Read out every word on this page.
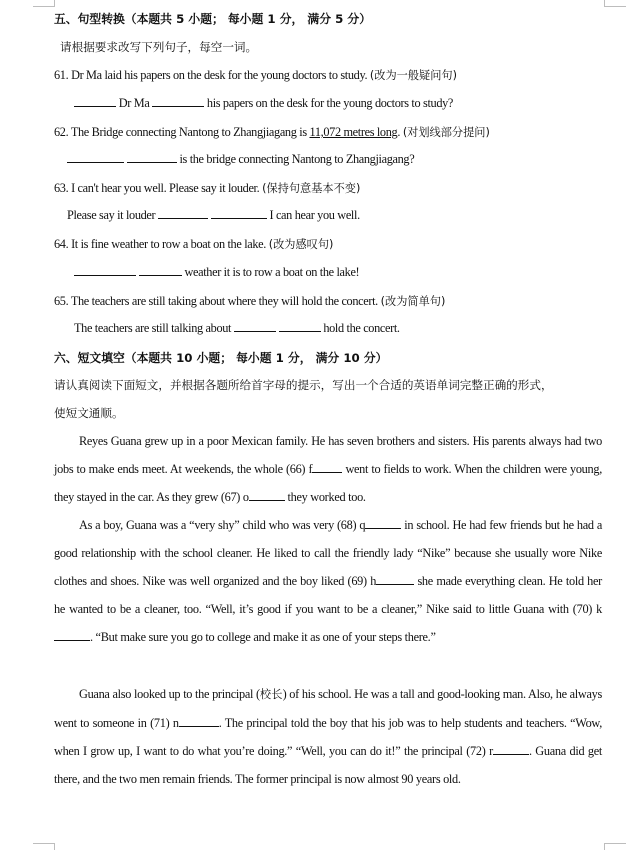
五、句型转换（本题共 5 小题； 每小题 1 分， 满分 5 分）
请根据要求改写下列句子，每空一词。
61. Dr Ma laid his papers on the desk for the young doctors to study. (改为一般疑问句)
Dr Ma	his papers on the desk for the young doctors to study?
62. The Bridge connecting Nantong to Zhangjiagang is 11,072 metres long. (对划线部分提问)
is the bridge connecting Nantong to Zhangjiagang?
63. I can't hear you well. Please say it louder. (保持句意基本不变)
Please say it louder	I can hear you well.
64. It is fine weather to row a boat on the lake. (改为感叹句)
weather it is to row a boat on the lake!
65. The teachers are still taking about where they will hold the concert. (改为简单句)
The teachers are still talking about	hold the concert.
六、短文填空（本题共 10 小题； 每小题 1 分， 满分 10 分）
请认真阅读下面短文，并根据各题所给首字母的提示，写出一个合适的英语单词完整正确的形式，
使短文通顺。
Reyes Guana grew up in a poor Mexican family. He has seven brothers and sisters. His parents always had two jobs to make ends meet. At weekends, the whole (66) f went to fields to work. When the children were young, they stayed in the car. As they grew (67) o	they worked too.
As a boy, Guana was a “very shy” child who was very (68) q	in school. He had few friends but he had a good relationship with the school cleaner. He liked to call the friendly lady “Nike” because she usually wore Nike clothes and shoes. Nike was well organized and the boy liked (69) h	she made everything clean. He told her he wanted to be a cleaner, too. “Well, it’s good if you want to be a cleaner,” Nike said to little Guana with (70) k. “But make sure you go to college and make it as one of your steps there.”
Guana also looked up to the principal (校长) of his school. He was a tall and good-looking man. Also, he always went to someone in (71) n	. The principal told the boy that his job was to help students and teachers. “Wow, when I grow up, I want to do what you’re doing.” “Well, you can do it!” the principal (72) r	. Guana did get there, and the two men remain friends. The former principal is now almost 90 years old.
